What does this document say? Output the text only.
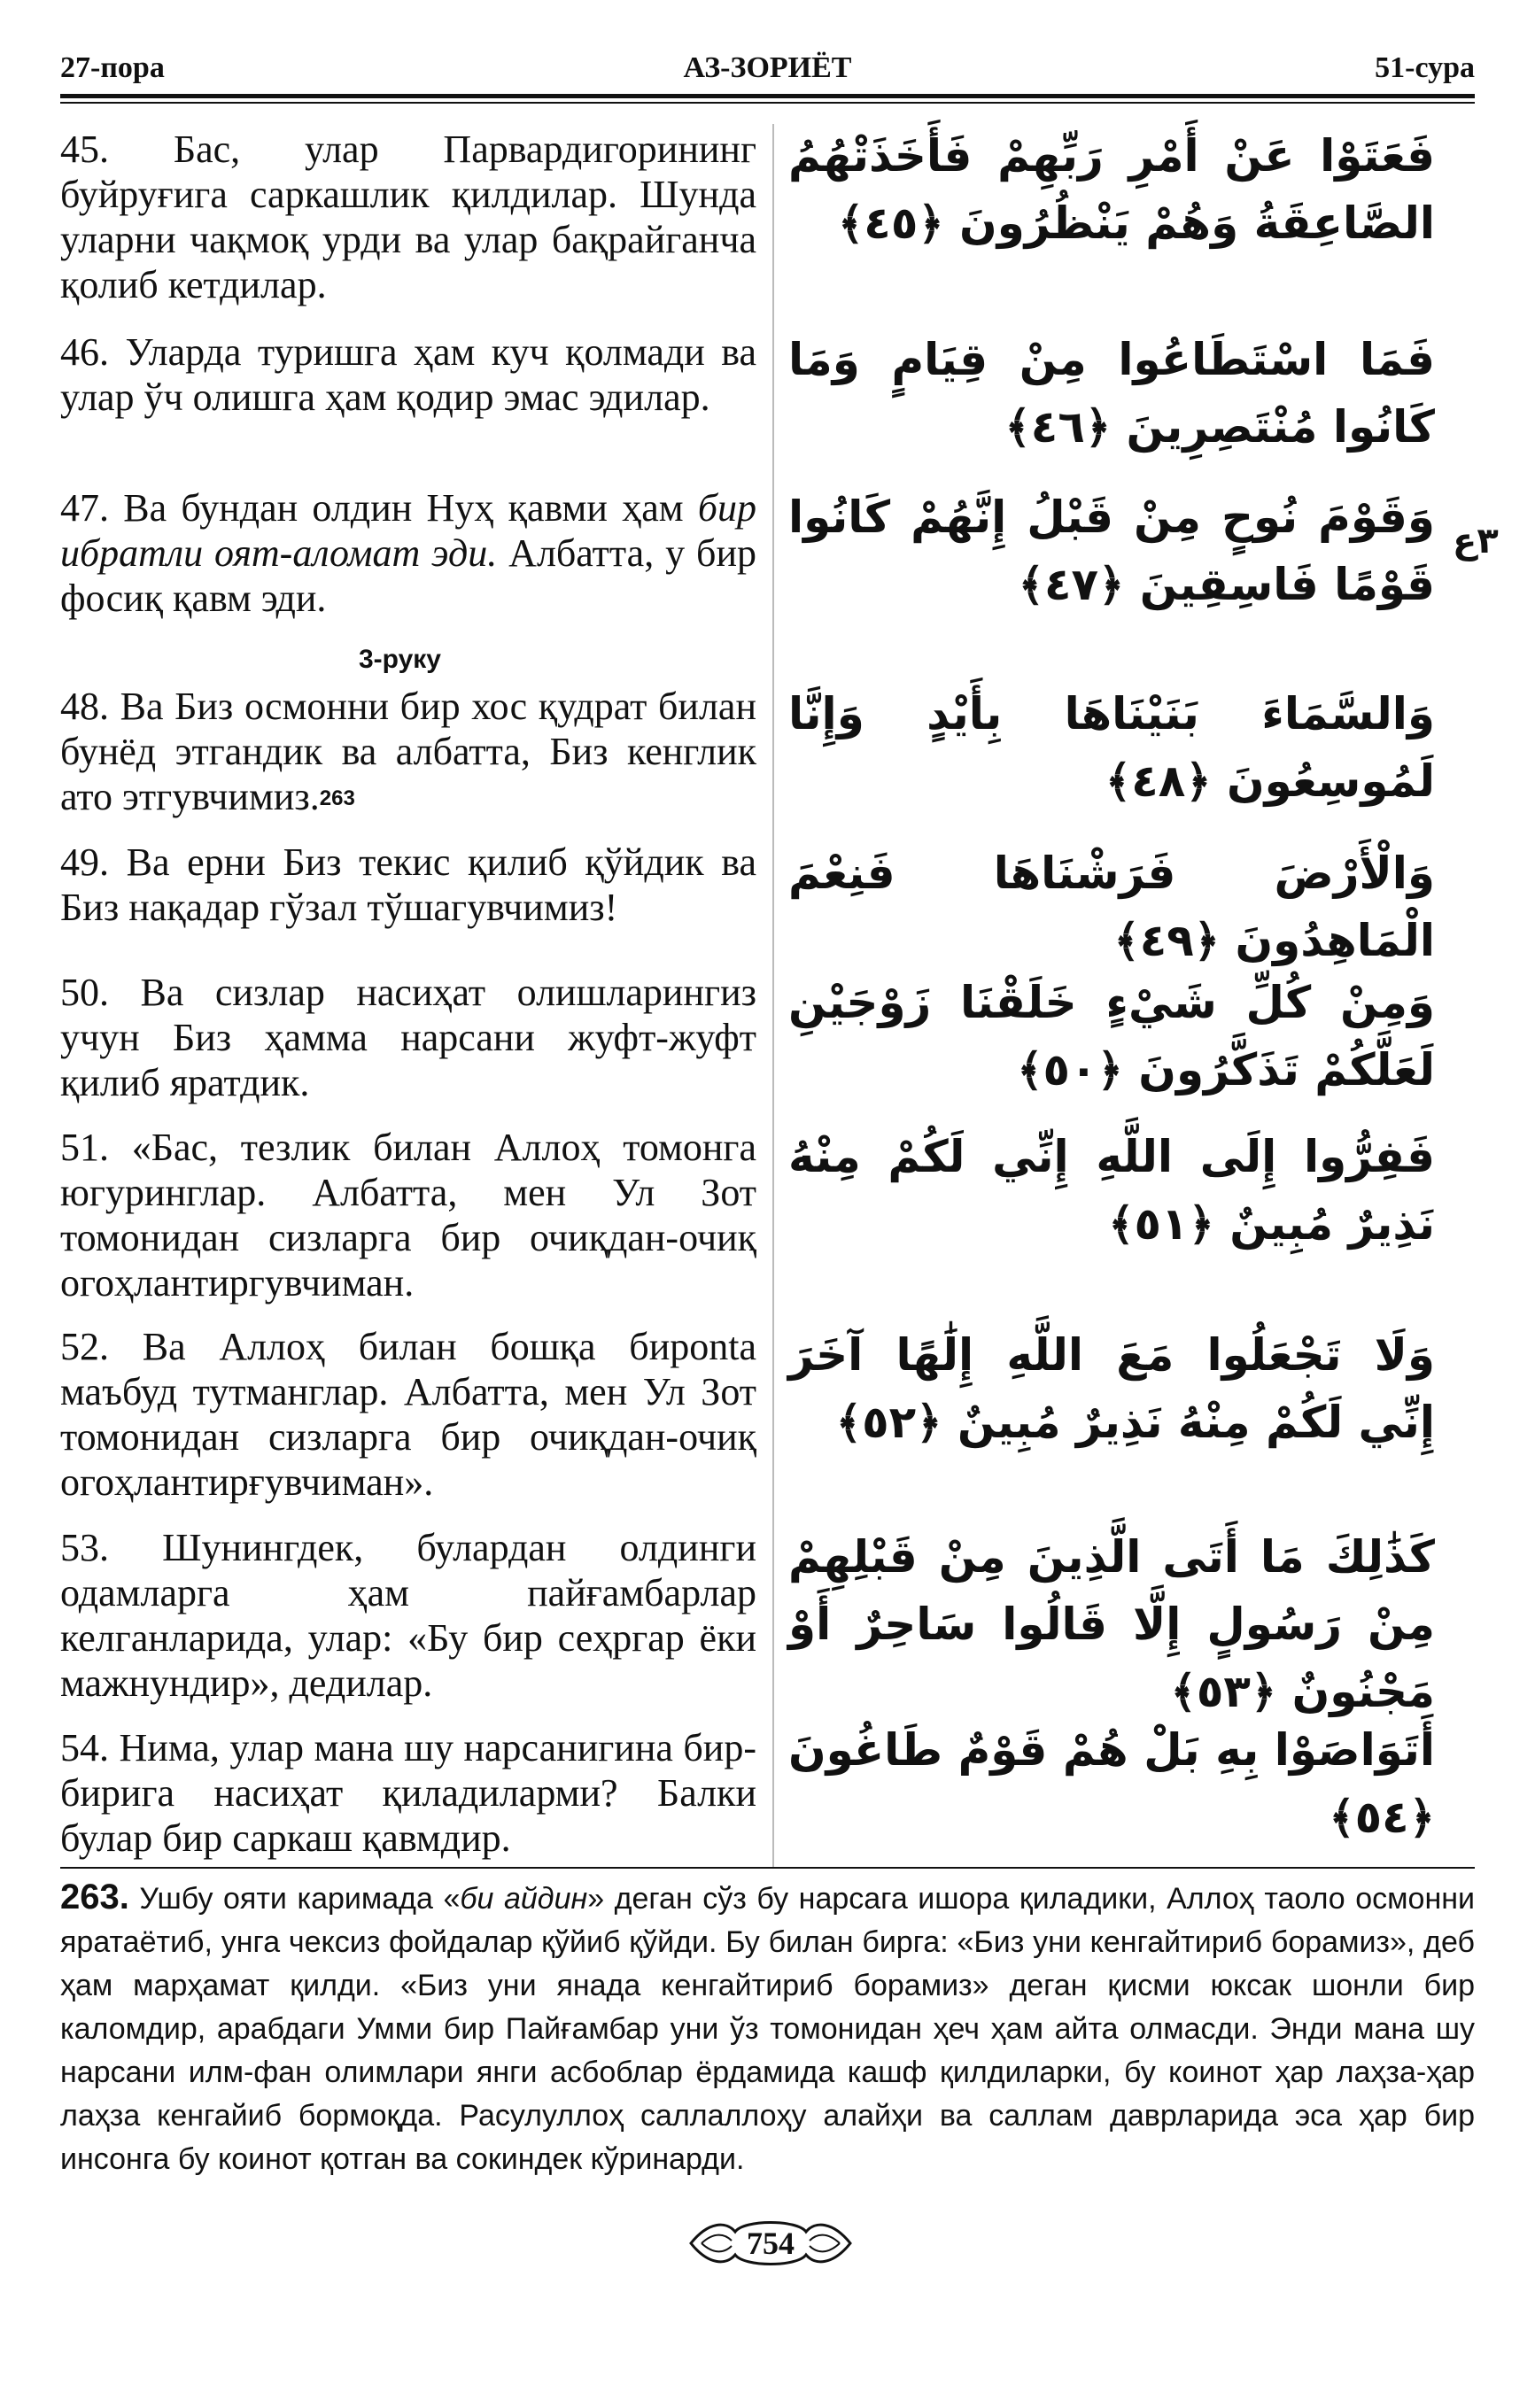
27-пора	АЗ-ЗОРИЁТ	51-сура
45. Бас, улар Парвардигорининг буйруғига саркашлик қилдилар. Шунда уларни чақмоқ урди ва улар бақрайганча қолиб кетдилар.
فَعَتَوْا عَنْ أَمْرِ رَبِّهِمْ فَأَخَذَتْهُمُ الصَّاعِقَةُ وَهُمْ يَنْظُرُونَ ﴿٤٥﴾
46. Уларда туришга ҳам куч қолмади ва улар ўч олишга ҳам қодир эмас эдилар.
فَمَا اسْتَطَاعُوا مِنْ قِيَامٍ وَمَا كَانُوا مُنْتَصِرِينَ ﴿٤٦﴾
47. Ва бундан олдин Нуҳ қавми ҳам бир ибратли оят-аломат эди. Албатта, у бир фосиқ қавм эди.
وَقَوْمَ نُوحٍ مِنْ قَبْلُ إِنَّهُمْ كَانُوا قَوْمًا فَاسِقِينَ ﴿٤٧﴾
٣ع
3-руку
48. Ва Биз осмонни бир хос қудрат билан бунёд этгандик ва албатта, Биз кенглик ато этгувчимиз.$^{263}$
وَالسَّمَاءَ بَنَيْنَاهَا بِأَيْدٍ وَإِنَّا لَمُوسِعُونَ ﴿٤٨﴾
49. Ва ерни Биз текис қилиб қўйдик ва Биз нақадар гўзал тўшагувчимиз!
وَالْأَرْضَ فَرَشْنَاهَا فَنِعْمَ الْمَاهِدُونَ ﴿٤٩﴾
50. Ва сизлар насиҳат олишларингиз учун Биз ҳамма нарсани жуфт-жуфт қилиб яратдик.
وَمِنْ كُلِّ شَيْءٍ خَلَقْنَا زَوْجَيْنِ لَعَلَّكُمْ تَذَكَّرُونَ ﴿٥٠﴾
51. «Бас, тезлик билан Аллоҳ томонга югуринглар. Албатта, мен Ул Зот томонидан сизларга бир очиқдан-очиқ огоҳлантиргувчиман.
فَفِرُّوا إِلَى اللَّهِ إِنِّي لَكُمْ مِنْهُ نَذِيرٌ مُبِينٌ ﴿٥١﴾
52. Ва Аллоҳ билан бошқа бироnta маъбуд тутманглар. Албатта, мен Ул Зот томонидан сизларга бир очиқдан-очиқ огоҳлантирғувчиман».
وَلَا تَجْعَلُوا مَعَ اللَّهِ إِلَٰهًا آخَرَ إِنِّي لَكُمْ مِنْهُ نَذِيرٌ مُبِينٌ ﴿٥٢﴾
53. Шунингдек, булардан олдинги одамларга ҳам пайғамбарлар келганларида, улар: «Бу бир сеҳргар ёки мажнундир», дедилар.
كَذَٰلِكَ مَا أَتَى الَّذِينَ مِنْ قَبْلِهِمْ مِنْ رَسُولٍ إِلَّا قَالُوا سَاحِرٌ أَوْ مَجْنُونٌ ﴿٥٣﴾
54. Нима, улар мана шу нарсанигина бир-бирига насиҳат қиладиларми? Балки булар бир саркаш қавмдир.
أَتَوَاصَوْا بِهِ بَلْ هُمْ قَوْمٌ طَاغُونَ ﴿٥٤﴾
263. Ушбу ояти каримада «би айдин» деган сўз бу нарсага ишора қиладики, Аллоҳ таоло осмонни яратаётиб, унга чексиз фойдалар қўйиб қўйди. Бу билан бирга: «Биз уни кенгайтириб борамиз», деб ҳам марҳамат қилди. «Биз уни янада кенгайтириб борамиз» деган қисми юксак шонли бир каломдир, арабдаги Умми бир Пайғамбар уни ўз томонидан ҳеч ҳам айта олмасди. Энди мана шу нарсани илм-фан олимлари янги асбоблар ёрдамида кашф қилдиларки, бу коинот ҳар лаҳза-ҳар лаҳза кенгайиб бормоқда. Расулуллоҳ саллаллоҳу алайҳи ва саллам даврларида эса ҳар бир инсонга бу коинот қотган ва сокиндек кўринарди.
754
